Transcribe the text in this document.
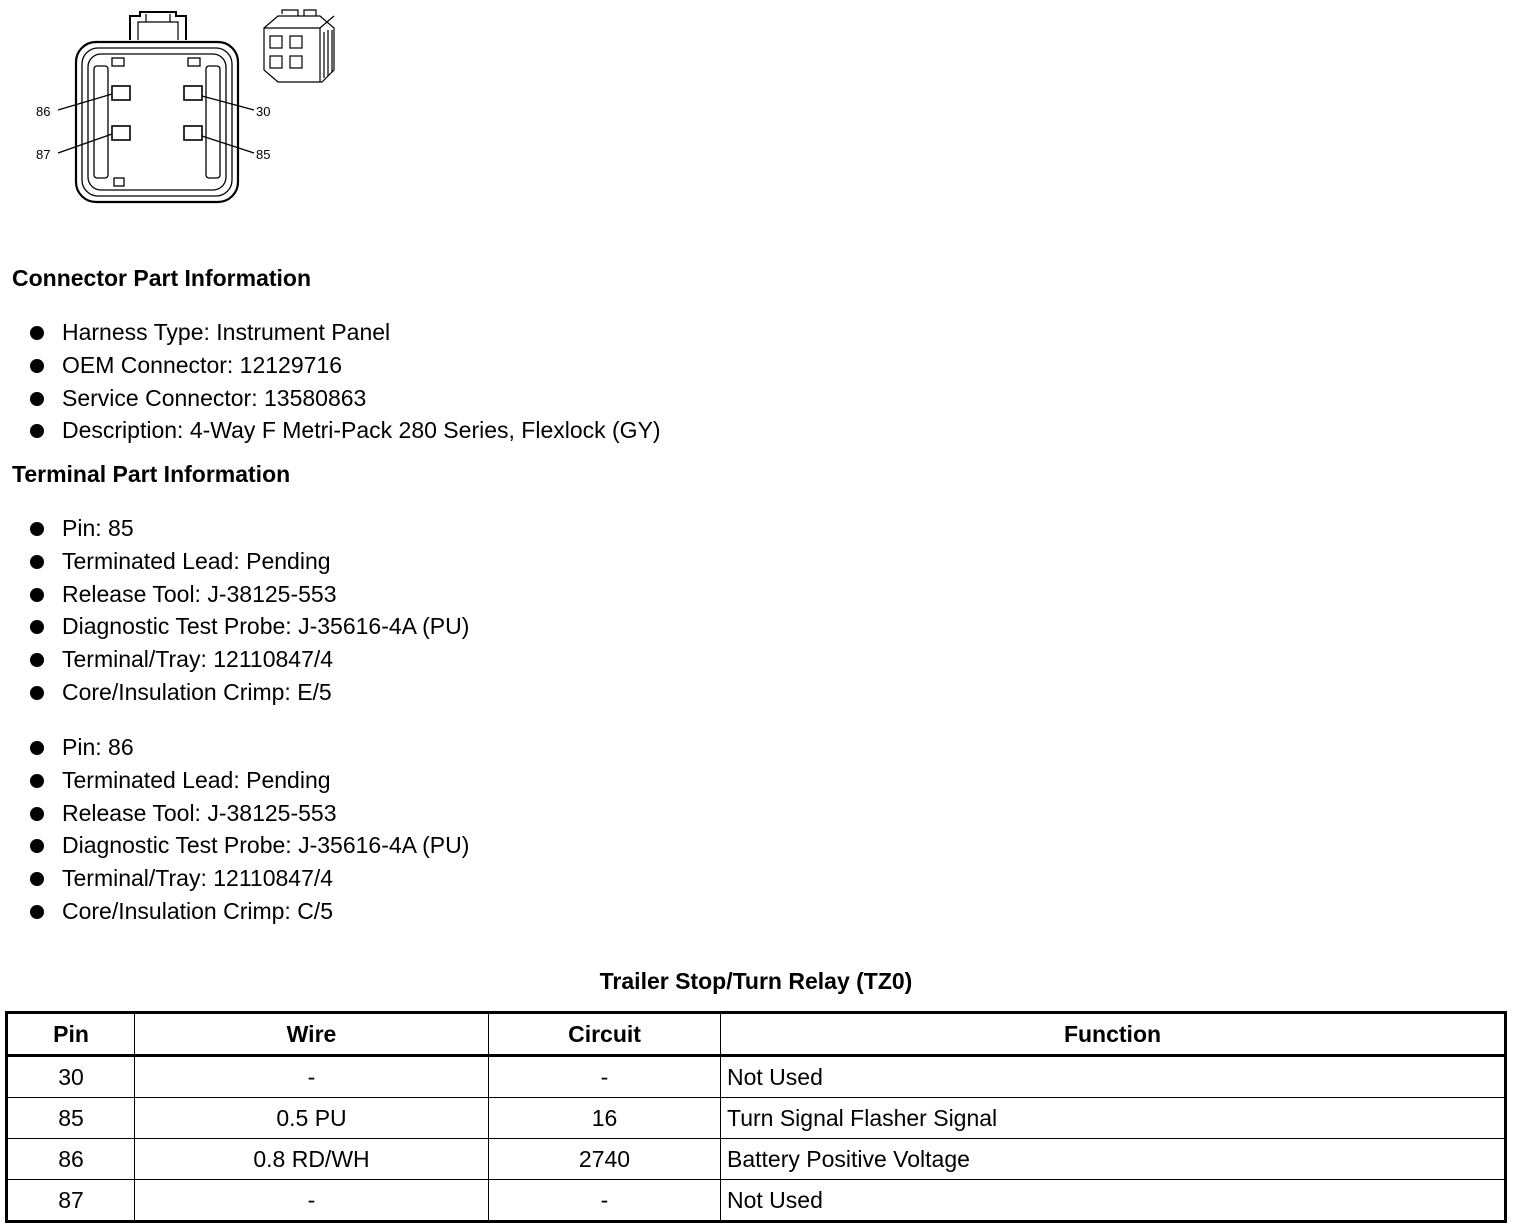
86	30
87	85
Connector Part Information
Harness Type: Instrument Panel
OEM Connector: 12129716
Service Connector: 13580863
Description: 4-Way F Metri-Pack 280 Series, Flexlock (GY)
Terminal Part Information
Pin: 85
Terminated Lead: Pending
Release Tool: J-38125-553
Diagnostic Test Probe: J-35616-4A (PU)
Terminal/Tray: 12110847/4
Core/Insulation Crimp: E/5
Pin: 86
Terminated Lead: Pending
Release Tool: J-38125-553
Diagnostic Test Probe: J-35616-4A (PU)
Terminal/Tray: 12110847/4
Core/Insulation Crimp: C/5
Trailer Stop/Turn Relay (TZ0)
Pin	Wire	Circuit	Function
30	-	-	Not Used
85	0.5 PU	16	Turn Signal Flasher Signal
86	0.8 RD/WH	2740	Battery Positive Voltage
87	-	-	Not Used
